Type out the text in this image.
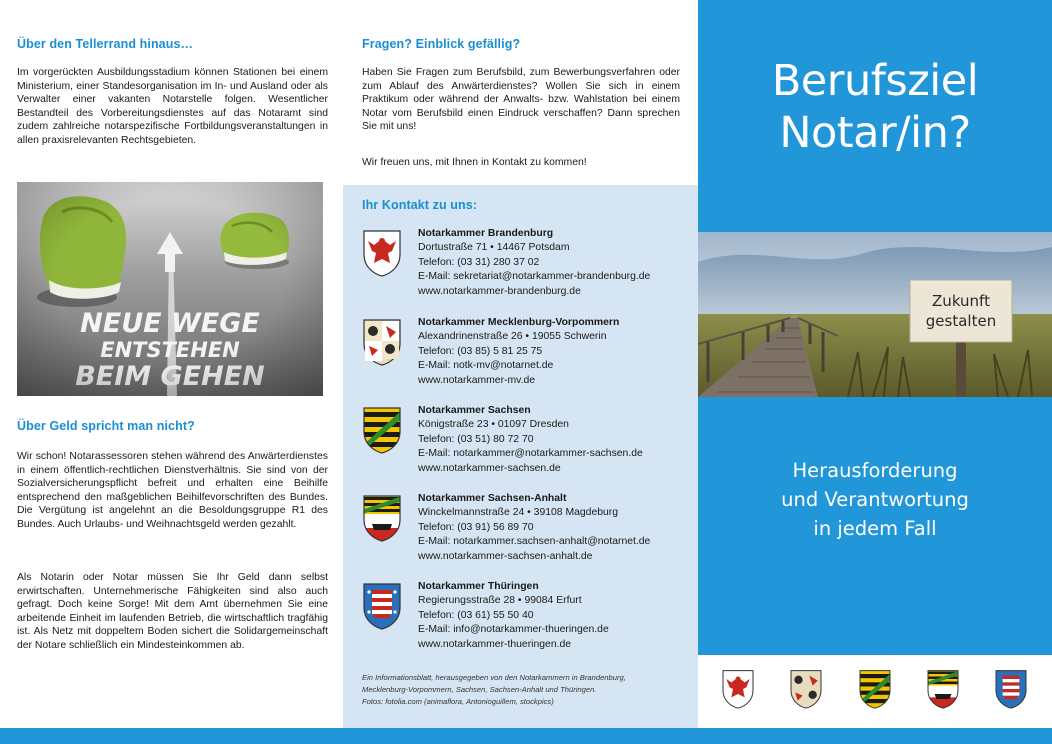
Über den Tellerrand hinaus…

Im vorgerückten Ausbildungsstadium können Stationen bei einem Ministerium, einer Standesorganisation im In- und Ausland oder als Verwalter einer vakanten Notarstelle folgen. Wesentlicher Bestandteil des Vorbereitungsdienstes auf das Notaramt sind zudem zahlreiche notarspezifische Fortbildungsveranstaltungen in allen praxisrelevanten Rechtsgebieten.

Über Geld spricht man nicht?

Wir schon! Notarassessoren stehen während des Anwärterdienstes in einem öffentlich-rechtlichen Dienstverhältnis. Sie sind von der Sozialversicherungspflicht befreit und erhalten eine Beihilfe entsprechend den maßgeblichen Beihilfevorschriften des Bundes. Die Vergütung ist angelehnt an die Besoldungsgruppe R1 des Bundes. Auch Urlaubs- und Weihnachtsgeld werden gezahlt.

Als Notarin oder Notar müssen Sie Ihr Geld dann selbst erwirtschaften. Unternehmerische Fähigkeiten sind also auch gefragt. Doch keine Sorge! Mit dem Amt übernehmen Sie eine arbeitende Einheit im laufenden Betrieb, die wirtschaftlich tragfähig ist. Als Netz mit doppeltem Boden sichert die Solidargemeinschaft der Notare schließlich ein Mindesteinkommen ab.

Fragen? Einblick gefällig?

Haben Sie Fragen zum Berufsbild, zum Bewerbungsverfahren oder zum Ablauf des Anwärterdienstes? Wollen Sie sich in einem Praktikum oder während der Anwalts- bzw. Wahlstation bei einem Notar vom Berufsbild einen Eindruck verschaffen? Dann sprechen Sie mit uns!

Wir freuen uns, mit Ihnen in Kontakt zu kommen!

Ihr Kontakt zu uns:
Notarkammer Brandenburg
Dortustraße 71 • 14467 Potsdam
Telefon: (03 31) 280 37 02
E-Mail: sekretariat@notarkammer-brandenburg.de
www.notarkammer-brandenburg.de
Notarkammer Mecklenburg-Vorpommern
Alexandrinenstraße 26 • 19055 Schwerin
Telefon: (03 85) 5 81 25 75
E-Mail: notk-mv@notarnet.de
www.notarkammer-mv.de
Notarkammer Sachsen
Königstraße 23 • 01097 Dresden
Telefon: (03 51) 80 72 70
E-Mail: notarkammer@notarkammer-sachsen.de
www.notarkammer-sachsen.de
Notarkammer Sachsen-Anhalt
Winckelmannstraße 24 • 39108 Magdeburg
Telefon: (03 91) 56 89 70
E-Mail: notarkammer.sachsen-anhalt@notarnet.de
www.notarkammer-sachsen-anhalt.de
Notarkammer Thüringen
Regierungsstraße 28 • 99084 Erfurt
Telefon: (03 61) 55 50 40
E-Mail: info@notarkammer-thueringen.de
www.notarkammer-thueringen.de
Ein Informationsblatt, herausgegeben von den Notarkammern in Brandenburg,
Mecklenburg-Vorpommern, Sachsen, Sachsen-Anhalt und Thüringen.
Fotos: fotolia.com (animaflora, Antonioguillem, stockpics)
Berufsziel
Notar/in?
Zukunft
gestalten
Herausforderung
und Verantwortung
in jedem Fall
